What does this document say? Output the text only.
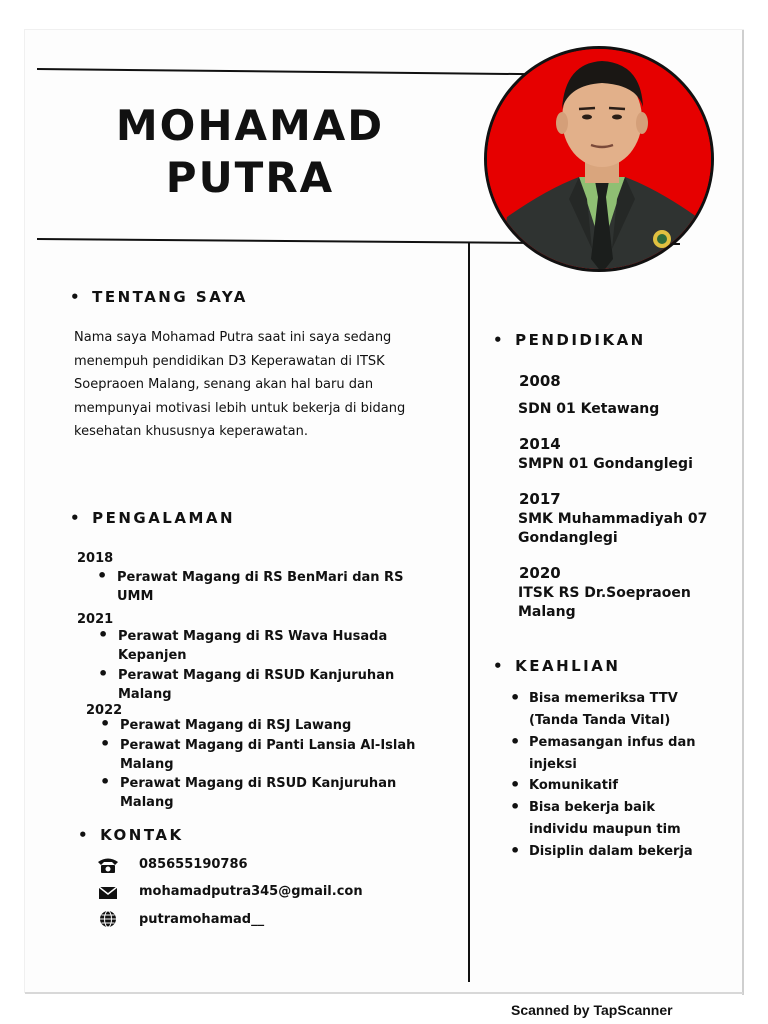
MOHAMAD
PUTRA
• TENTANG SAYA
Nama saya Mohamad Putra saat ini saya sedang
menempuh pendidikan D3 Keperawatan di ITSK
Soepraoen Malang, senang akan hal baru dan
mempunyai motivasi lebih untuk bekerja di bidang
kesehatan khususnya keperawatan.
• PENGALAMAN
2018
• Perawat Magang di RS BenMari dan RS UMM
2021
• Perawat Magang di RS Wava Husada Kepanjen
• Perawat Magang di RSUD Kanjuruhan Malang
2022
• Perawat Magang di RSJ Lawang
• Perawat Magang di Panti Lansia Al-Islah Malang
• Perawat Magang di RSUD Kanjuruhan Malang
• KONTAK
085655190786
mohamadputra345@gmail.con
putramohamad__
• PENDIDIKAN
2008
SDN 01 Ketawang
2014
SMPN 01 Gondanglegi
2017
SMK Muhammadiyah 07 Gondanglegi
2020
ITSK RS Dr.Soepraoen Malang
• KEAHLIAN
• Bisa memeriksa TTV (Tanda Tanda Vital)
• Pemasangan infus dan injeksi
• Komunikatif
• Bisa bekerja baik individu maupun tim
• Disiplin dalam bekerja
Scanned by TapScanner
